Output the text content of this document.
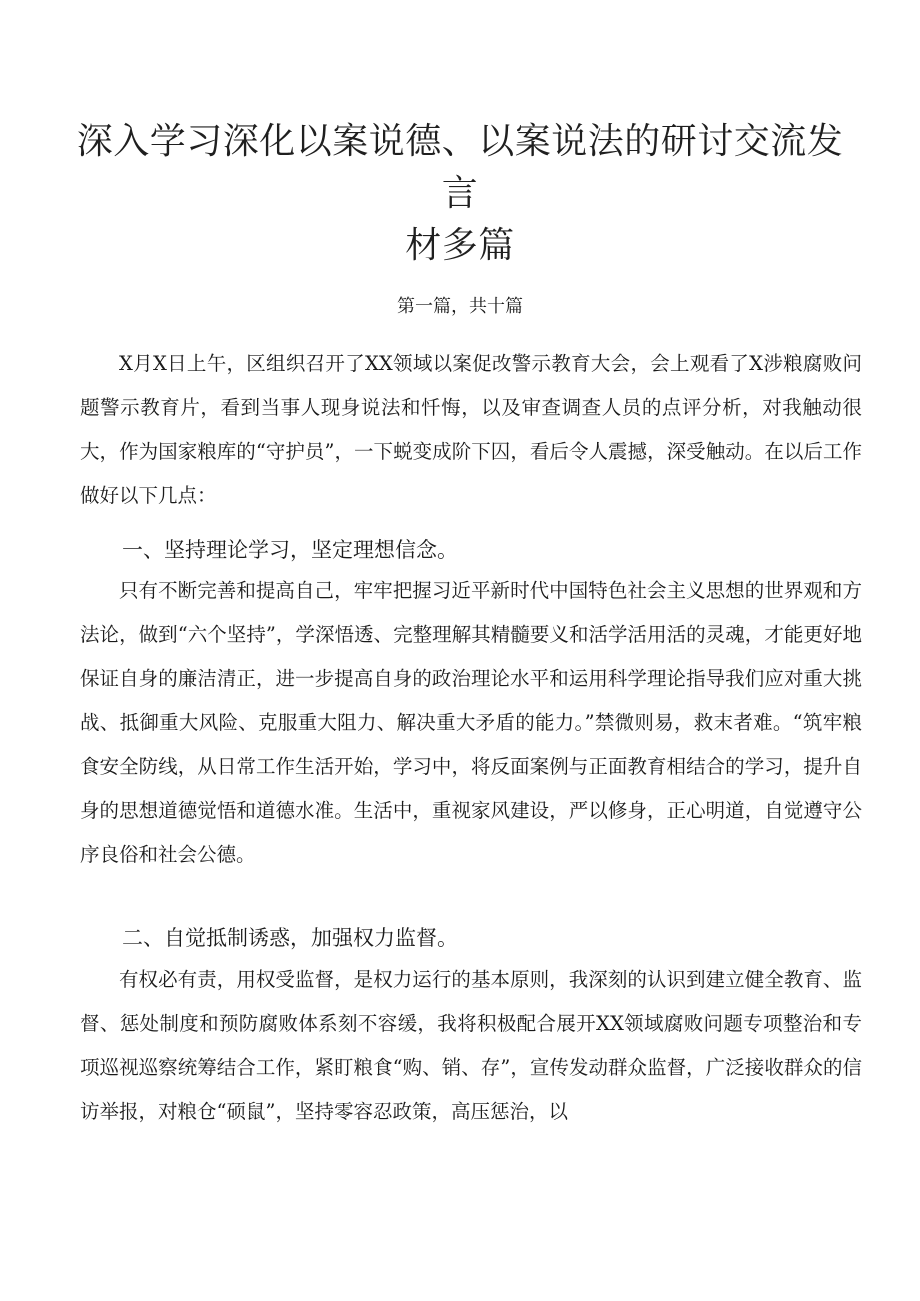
深入学习深化以案说德、以案说法的研讨交流发言
材多篇
第一篇，共十篇

X月X日上午，区组织召开了XX领域以案促改警示教育大会，会上观看了X涉粮腐败问题警示教育片，看到当事人现身说法和忏悔，以及审查调查人员的点评分析，对我触动很大，作为国家粮库的“守护员”，一下蜕变成阶下囚，看后令人震撼，深受触动。在以后工作做好以下几点：

一、坚持理论学习，坚定理想信念。

只有不断完善和提高自己，牢牢把握习近平新时代中国特色社会主义思想的世界观和方法论，做到“六个坚持”，学深悟透、完整理解其精髓要义和活学活用活的灵魂，才能更好地保证自身的廉洁清正，进一步提高自身的政治理论水平和运用科学理论指导我们应对重大挑战、抵御重大风险、克服重大阻力、解决重大矛盾的能力。”禁微则易，救末者难。“筑牢粮食安全防线，从日常工作生活开始，学习中，将反面案例与正面教育相结合的学习，提升自身的思想道德觉悟和道德水准。生活中，重视家风建设，严以修身，正心明道，自觉遵守公序良俗和社会公德。

二、自觉抵制诱惑，加强权力监督。

有权必有责，用权受监督，是权力运行的基本原则，我深刻的认识到建立健全教育、监督、惩处制度和预防腐败体系刻不容缓，我将积极配合展开XX领域腐败问题专项整治和专项巡视巡察统筹结合工作，紧盯粮食“购、销、存”，宣传发动群众监督，广泛接收群众的信访举报，对粮仓“硕鼠”，坚持零容忍政策，高压惩治，以
